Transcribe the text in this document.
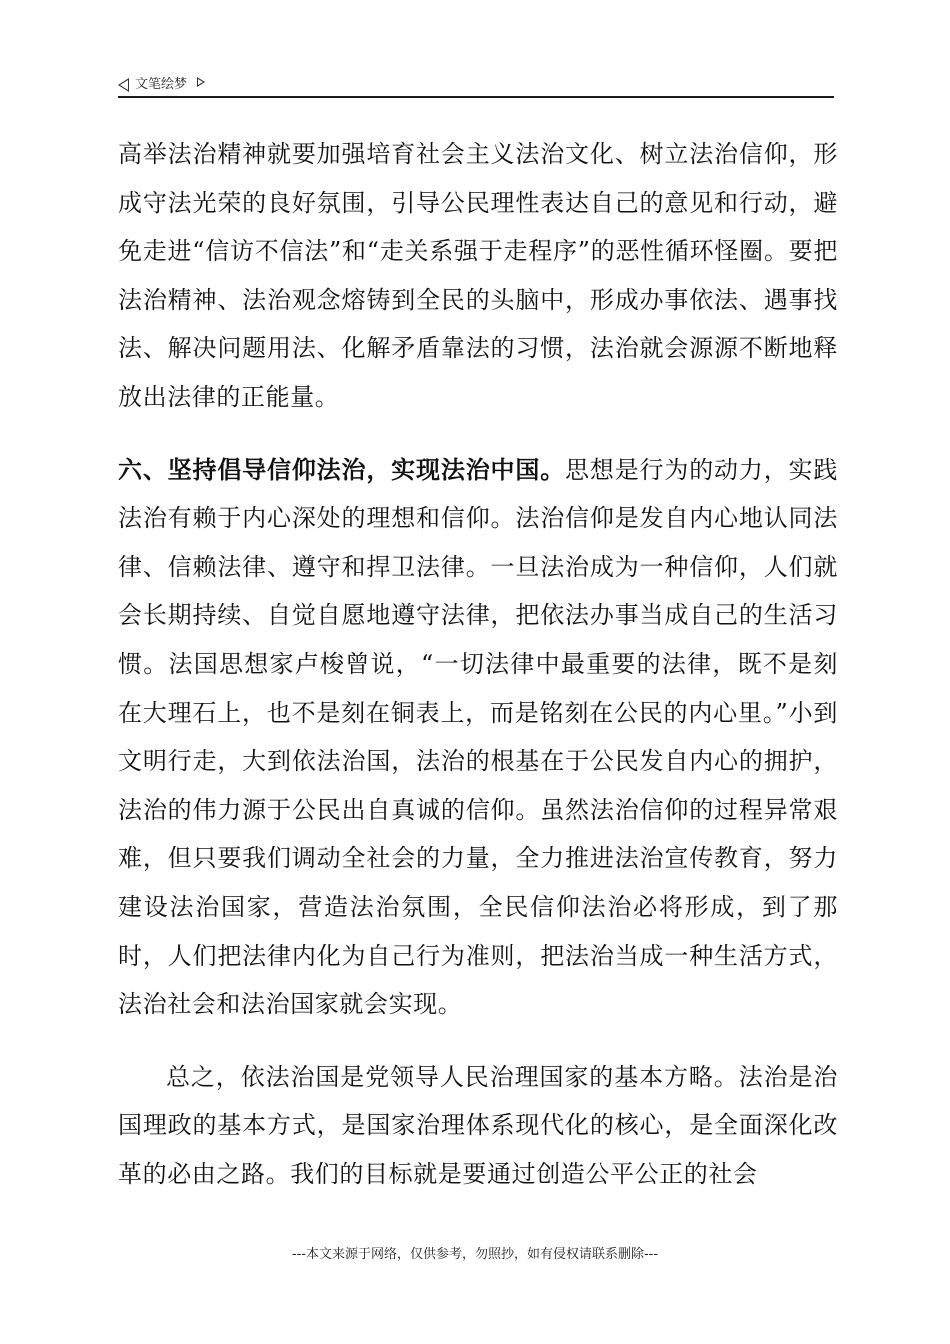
文笔绘梦

高举法治精神就要加强培育社会主义法治文化、树立法治信仰，形成守法光荣的良好氛围，引导公民理性表达自己的意见和行动，避免走进“信访不信法”和“走关系强于走程序”的恶性循环怪圈。要把法治精神、法治观念熔铸到全民的头脑中，形成办事依法、遇事找法、解决问题用法、化解矛盾靠法的习惯，法治就会源源不断地释放出法律的正能量。

六、坚持倡导信仰法治，实现法治中国。思想是行为的动力，实践法治有赖于内心深处的理想和信仰。法治信仰是发自内心地认同法律、信赖法律、遵守和捍卫法律。一旦法治成为一种信仰，人们就会长期持续、自觉自愿地遵守法律，把依法办事当成自己的生活习惯。法国思想家卢梭曾说，“一切法律中最重要的法律，既不是刻在大理石上，也不是刻在铜表上，而是铭刻在公民的内心里。”小到文明行走，大到依法治国，法治的根基在于公民发自内心的拥护，法治的伟力源于公民出自真诚的信仰。虽然法治信仰的过程异常艰难，但只要我们调动全社会的力量，全力推进法治宣传教育，努力建设法治国家，营造法治氛围，全民信仰法治必将形成，到了那时，人们把法律内化为自己行为准则，把法治当成一种生活方式，法治社会和法治国家就会实现。

总之，依法治国是党领导人民治理国家的基本方略。法治是治国理政的基本方式，是国家治理体系现代化的核心，是全面深化改革的必由之路。我们的目标就是要通过创造公平公正的社会

---本文来源于网络，仅供参考，勿照抄，如有侵权请联系删除---
